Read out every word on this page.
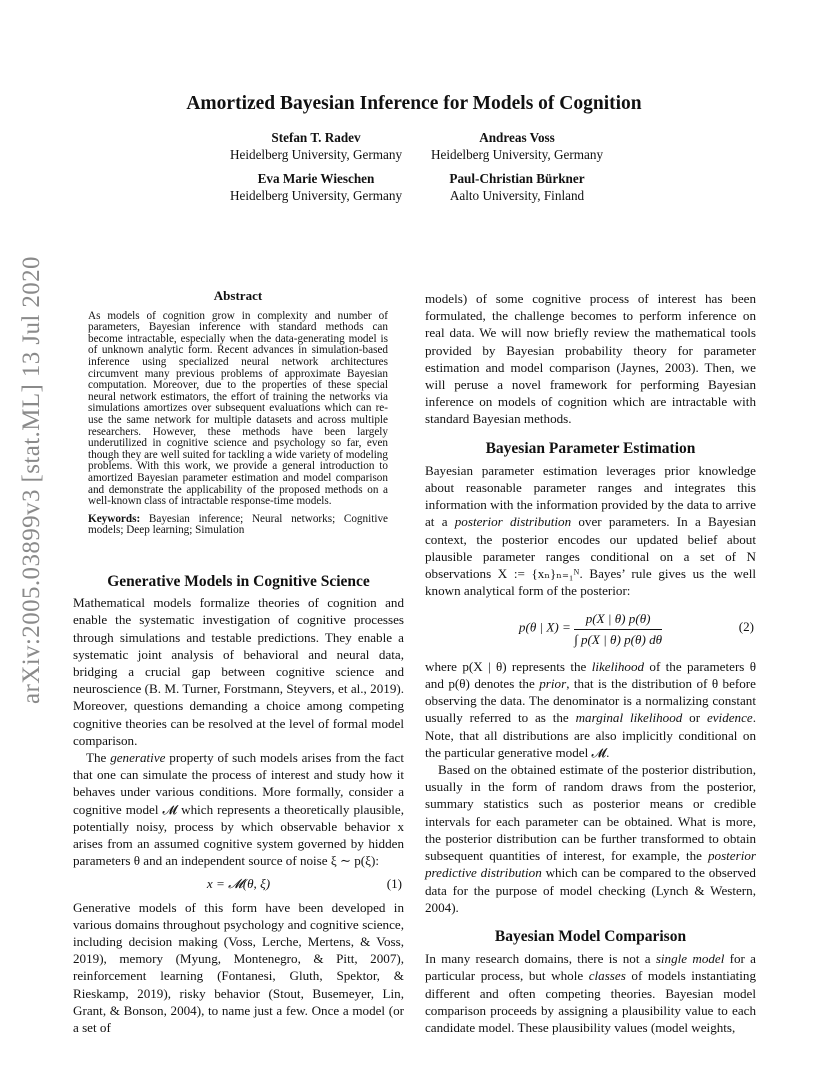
arXiv:2005.03899v3 [stat.ML] 13 Jul 2020
Amortized Bayesian Inference for Models of Cognition
Stefan T. Radev
Heidelberg University, Germany
Andreas Voss
Heidelberg University, Germany
Eva Marie Wieschen
Heidelberg University, Germany
Paul-Christian Bürkner
Aalto University, Finland
Abstract

As models of cognition grow in complexity and number of parameters, Bayesian inference with standard methods can become intractable, especially when the data-generating model is of unknown analytic form. Recent advances in simulation-based inference using specialized neural network architectures circumvent many previous problems of approximate Bayesian computation. Moreover, due to the properties of these special neural network estimators, the effort of training the networks via simulations amortizes over subsequent evaluations which can re-use the same network for multiple datasets and across multiple researchers. However, these methods have been largely underutilized in cognitive science and psychology so far, even though they are well suited for tackling a wide variety of modeling problems. With this work, we provide a general introduction to amortized Bayesian parameter estimation and model comparison and demonstrate the applicability of the proposed methods on a well-known class of intractable response-time models.

Keywords: Bayesian inference; Neural networks; Cognitive models; Deep learning; Simulation

Generative Models in Cognitive Science

Mathematical models formalize theories of cognition and enable the systematic investigation of cognitive processes through simulations and testable predictions. They enable a systematic joint analysis of behavioral and neural data, bridging a crucial gap between cognitive science and neuroscience (B. M. Turner, Forstmann, Steyvers, et al., 2019). Moreover, questions demanding a choice among competing cognitive theories can be resolved at the level of formal model comparison.

The generative property of such models arises from the fact that one can simulate the process of interest and study how it behaves under various conditions. More formally, consider a cognitive model 𝓜 which represents a theoretically plausible, potentially noisy, process by which observable behavior x arises from an assumed cognitive system governed by hidden parameters θ and an independent source of noise ξ ∼ p(ξ):

x = 𝓜(θ, ξ)	(1)

Generative models of this form have been developed in various domains throughout psychology and cognitive science, including decision making (Voss, Lerche, Mertens, & Voss, 2019), memory (Myung, Montenegro, & Pitt, 2007), reinforcement learning (Fontanesi, Gluth, Spektor, & Rieskamp, 2019), risky behavior (Stout, Busemeyer, Lin, Grant, & Bonson, 2004), to name just a few. Once a model (or a set of

models) of some cognitive process of interest has been formulated, the challenge becomes to perform inference on real data. We will now briefly review the mathematical tools provided by Bayesian probability theory for parameter estimation and model comparison (Jaynes, 2003). Then, we will peruse a novel framework for performing Bayesian inference on models of cognition which are intractable with standard Bayesian methods.

Bayesian Parameter Estimation

Bayesian parameter estimation leverages prior knowledge about reasonable parameter ranges and integrates this information with the information provided by the data to arrive at a posterior distribution over parameters. In a Bayesian context, the posterior encodes our updated belief about plausible parameter ranges conditional on a set of N observations X := {xₙ}ₙ₌₁ᴺ. Bayes’ rule gives us the well known analytical form of the posterior:

p(θ | $X) = \frac{p(X | \theta) p(\theta)}{\int p(X | \theta) p(\theta) d\theta}$	(2)

where p(X | θ) represents the likelihood of the parameters θ and p(θ) denotes the prior, that is the distribution of θ before observing the data. The denominator is a normalizing constant usually referred to as the marginal likelihood or evidence. Note, that all distributions are also implicitly conditional on the particular generative model 𝓜.

Based on the obtained estimate of the posterior distribution, usually in the form of random draws from the posterior, summary statistics such as posterior means or credible intervals for each parameter can be obtained. What is more, the posterior distribution can be further transformed to obtain subsequent quantities of interest, for example, the posterior predictive distribution which can be compared to the observed data for the purpose of model checking (Lynch & Western, 2004).

Bayesian Model Comparison

In many research domains, there is not a single model for a particular process, but whole classes of models instantiating different and often competing theories. Bayesian model comparison proceeds by assigning a plausibility value to each candidate model. These plausibility values (model weights,
